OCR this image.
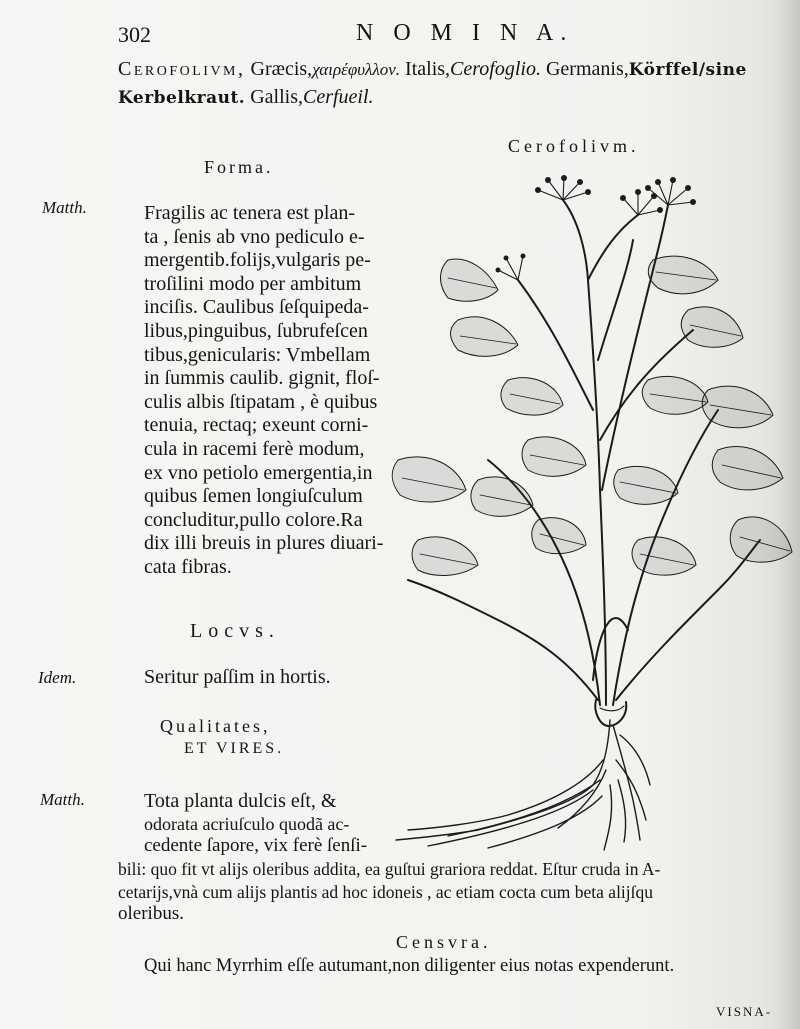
302	N O M I N A.
Cerofolivm, Græcis,χαιρέφυλλον. Italis,Cerofoglio. Germanis,Körffel/sine
Kerbelkraut. Gallis,Cerfueil.
Cerofolivm.
Forma.
Matth.	Fragilis ac tenera est plan-
ta , ſenis ab vno pediculo e-
mergentib.folijs,vulgaris pe-
troſilini modo per ambitum
inciſis. Caulibus ſeſquipeda-
libus,pinguibus, ſubrufeſcen
tibus,genicularis: Vmbellam
in ſummis caulib. gignit, floſ-
culis albis ſtipatam , è quibus
tenuia, rectaq; exeunt corni-
cula in racemi ferè modum,
ex vno petiolo emergentia,in
quibus ſemen longiuſculum
concluditur,pullo colore.Ra
dix illi breuis in plures diuari-
cata fibras.
Locvs.
Idem.	Seritur paſſim in hortis.
Qualitates,
ET VIRES.
Matth.	Tota planta dulcis eſt, &
odorata acriuſculo quodã ac-
cedente ſapore, vix ferè ſenſi-
bili: quo fit vt alijs oleribus addita, ea guſtui grariora reddat. Eſtur cruda in A-
cetarijs,vnà cum alijs plantis ad hoc idoneis , ac etiam cocta cum beta alijſqu
oleribus.
Censvra.
Qui hanc Myrrhim eſſe autumant,non diligenter eius notas expenderunt.
VISNA-
